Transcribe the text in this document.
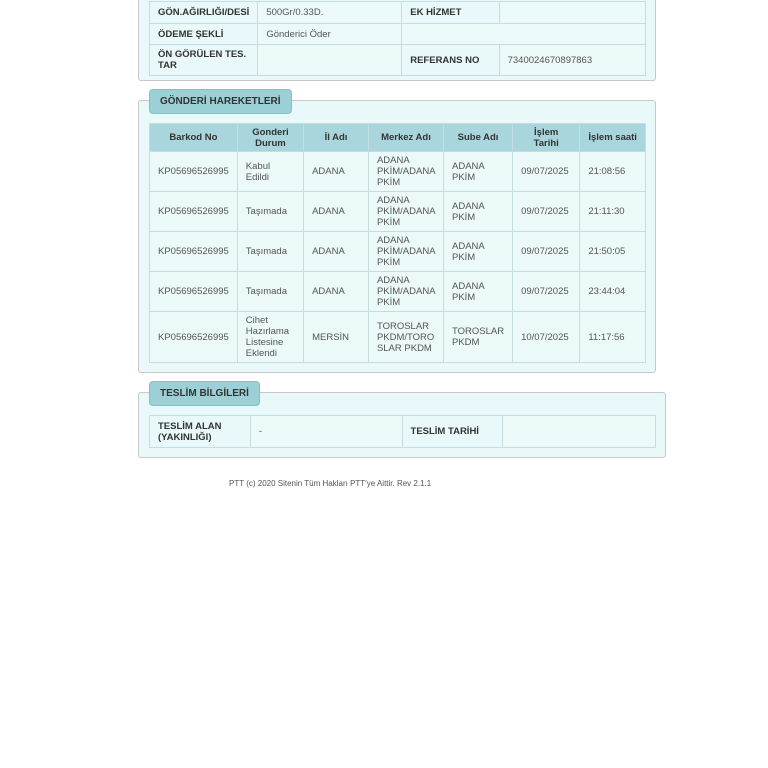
GÖN.AĞIRLIĞI/DESİ	500Gr/0.33D.	EK HİZMET	
ÖDEME ŞEKLİ	Gönderici Öder		
ÖN GÖRÜLEN TES. TAR		REFERANS NO	7340024670897863
GÖNDERİ HAREKETLERİ
Barkod No	Gonderi Durum	İl Adı	Merkez Adı	Sube Adı	İşlem Tarihi	İşlem saati
KP05696526995	Kabul Edildi	ADANA	ADANA PKİM/ADANA PKİM	ADANA PKİM	09/07/2025	21:08:56
KP05696526995	Taşımada	ADANA	ADANA PKİM/ADANA PKİM	ADANA PKİM	09/07/2025	21:11:30
KP05696526995	Taşımada	ADANA	ADANA PKİM/ADANA PKİM	ADANA PKİM	09/07/2025	21:50:05
KP05696526995	Taşımada	ADANA	ADANA PKİM/ADANA PKİM	ADANA PKİM	09/07/2025	23:44:04
KP05696526995	Cihet Hazırlama Listesine Eklendi	MERSİN	TOROSLAR PKDM/TOROSLAR PKDM	TOROSLAR PKDM	10/07/2025	11:17:56
TESLİM BİLGİLERİ
TESLİM ALAN (YAKINLIĞI)	-	TESLİM TARİHİ	
PTT (c) 2020 Sitenin Tüm Hakları PTT'ye Aittir. Rev 2.1.1
